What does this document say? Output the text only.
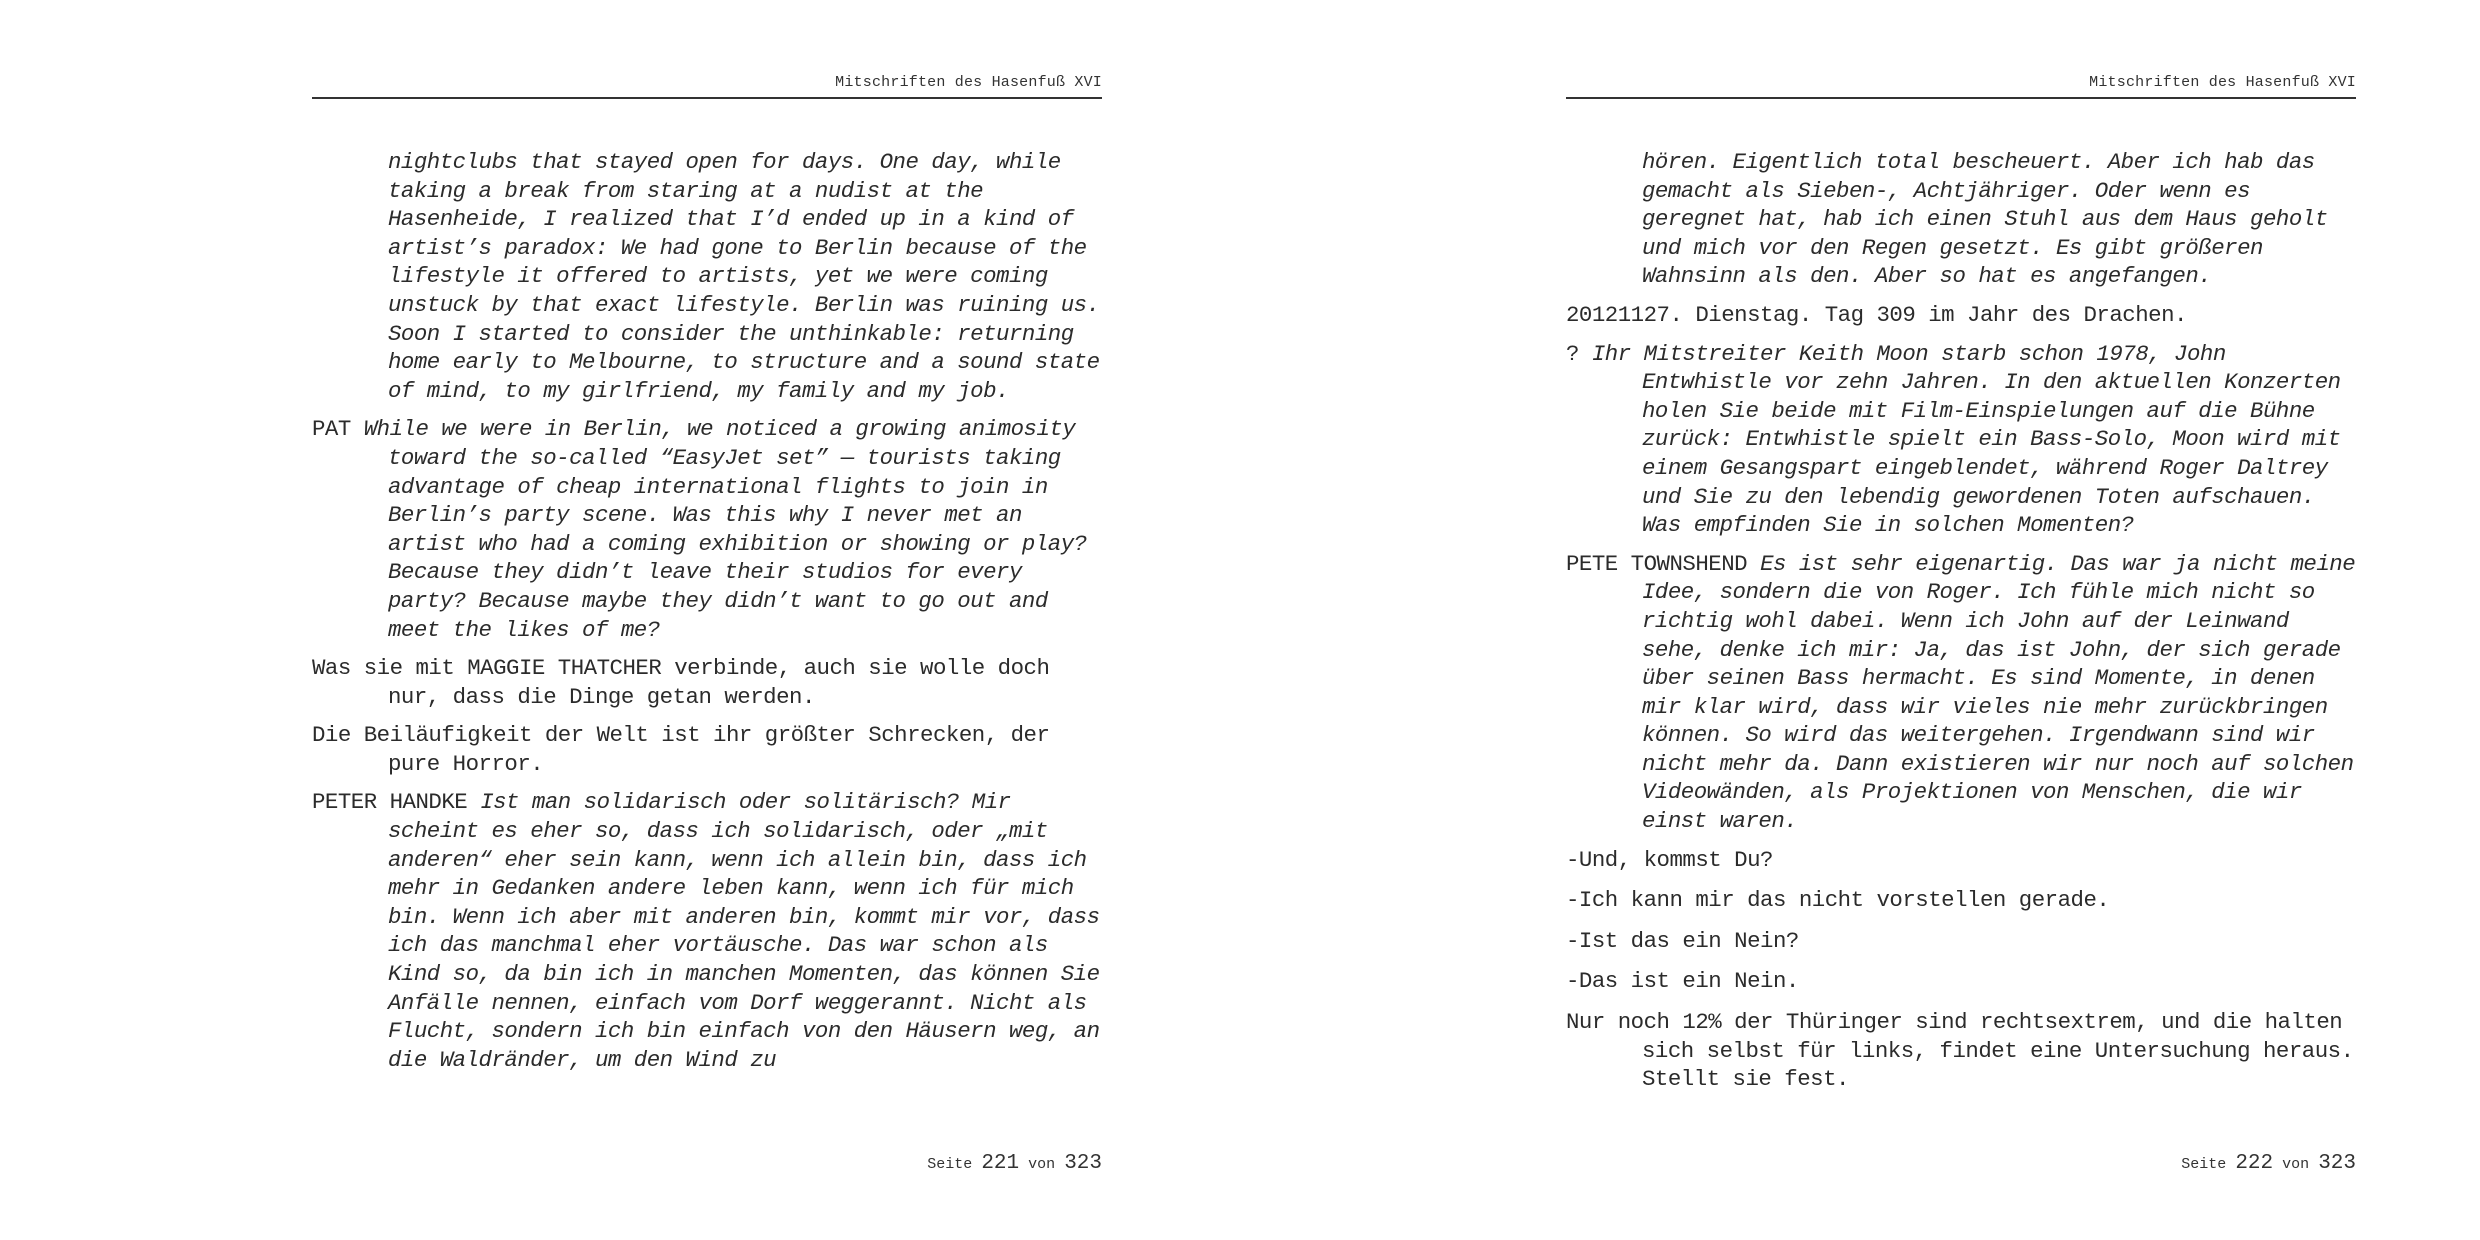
Mitschriften des Hasenfuß XVI

nightclubs that stayed open for days. One day, while taking a break from staring at a nudist at the Hasenheide, I realized that I’d ended up in a kind of artist’s paradox: We had gone to Berlin because of the lifestyle it offered to artists, yet we were coming unstuck by that exact lifestyle. Berlin was ruining us. Soon I started to consider the unthinkable: returning home early to Melbourne, to structure and a sound state of mind, to my girlfriend, my family and my job.

PAT While we were in Berlin, we noticed a growing animosity toward the so-called “EasyJet set” — tourists taking advantage of cheap international flights to join in Berlin’s party scene. Was this why I never met an artist who had a coming exhibition or showing or play? Because they didn’t leave their studios for every party? Because maybe they didn’t want to go out and meet the likes of me?

Was sie mit MAGGIE THATCHER verbinde, auch sie wolle doch nur, dass die Dinge getan werden.

Die Beiläufigkeit der Welt ist ihr größter Schrecken, der pure Horror.

PETER HANDKE Ist man solidarisch oder solitärisch? Mir scheint es eher so, dass ich solidarisch, oder „mit anderen“ eher sein kann, wenn ich allein bin, dass ich mehr in Gedanken andere leben kann, wenn ich für mich bin. Wenn ich aber mit anderen bin, kommt mir vor, dass ich das manchmal eher vortäusche. Das war schon als Kind so, da bin ich in manchen Momenten, das können Sie Anfälle nennen, einfach vom Dorf weggerannt. Nicht als Flucht, sondern ich bin einfach von den Häusern weg, an die Waldränder, um den Wind zu

Seite 221 von 323
Mitschriften des Hasenfuß XVI

hören. Eigentlich total bescheuert. Aber ich hab das gemacht als Sieben-, Achtjähriger. Oder wenn es geregnet hat, hab ich einen Stuhl aus dem Haus geholt und mich vor den Regen gesetzt. Es gibt größeren Wahnsinn als den. Aber so hat es angefangen.

20121127. Dienstag. Tag 309 im Jahr des Drachen.

? Ihr Mitstreiter Keith Moon starb schon 1978, John Entwhistle vor zehn Jahren. In den aktuellen Konzerten holen Sie beide mit Film-Einspielungen auf die Bühne zurück: Entwhistle spielt ein Bass-Solo, Moon wird mit einem Gesangspart eingeblendet, während Roger Daltrey und Sie zu den lebendig gewordenen Toten aufschauen. Was empfinden Sie in solchen Momenten?

PETE TOWNSHEND Es ist sehr eigenartig. Das war ja nicht meine Idee, sondern die von Roger. Ich fühle mich nicht so richtig wohl dabei. Wenn ich John auf der Leinwand sehe, denke ich mir: Ja, das ist John, der sich gerade über seinen Bass hermacht. Es sind Momente, in denen mir klar wird, dass wir vieles nie mehr zurückbringen können. So wird das weitergehen. Irgendwann sind wir nicht mehr da. Dann existieren wir nur noch auf solchen Videowänden, als Projektionen von Menschen, die wir einst waren.

-Und, kommst Du?

-Ich kann mir das nicht vorstellen gerade.

-Ist das ein Nein?

-Das ist ein Nein.

Nur noch 12% der Thüringer sind rechtsextrem, und die halten sich selbst für links, findet eine Untersuchung heraus. Stellt sie fest.

Seite 222 von 323
